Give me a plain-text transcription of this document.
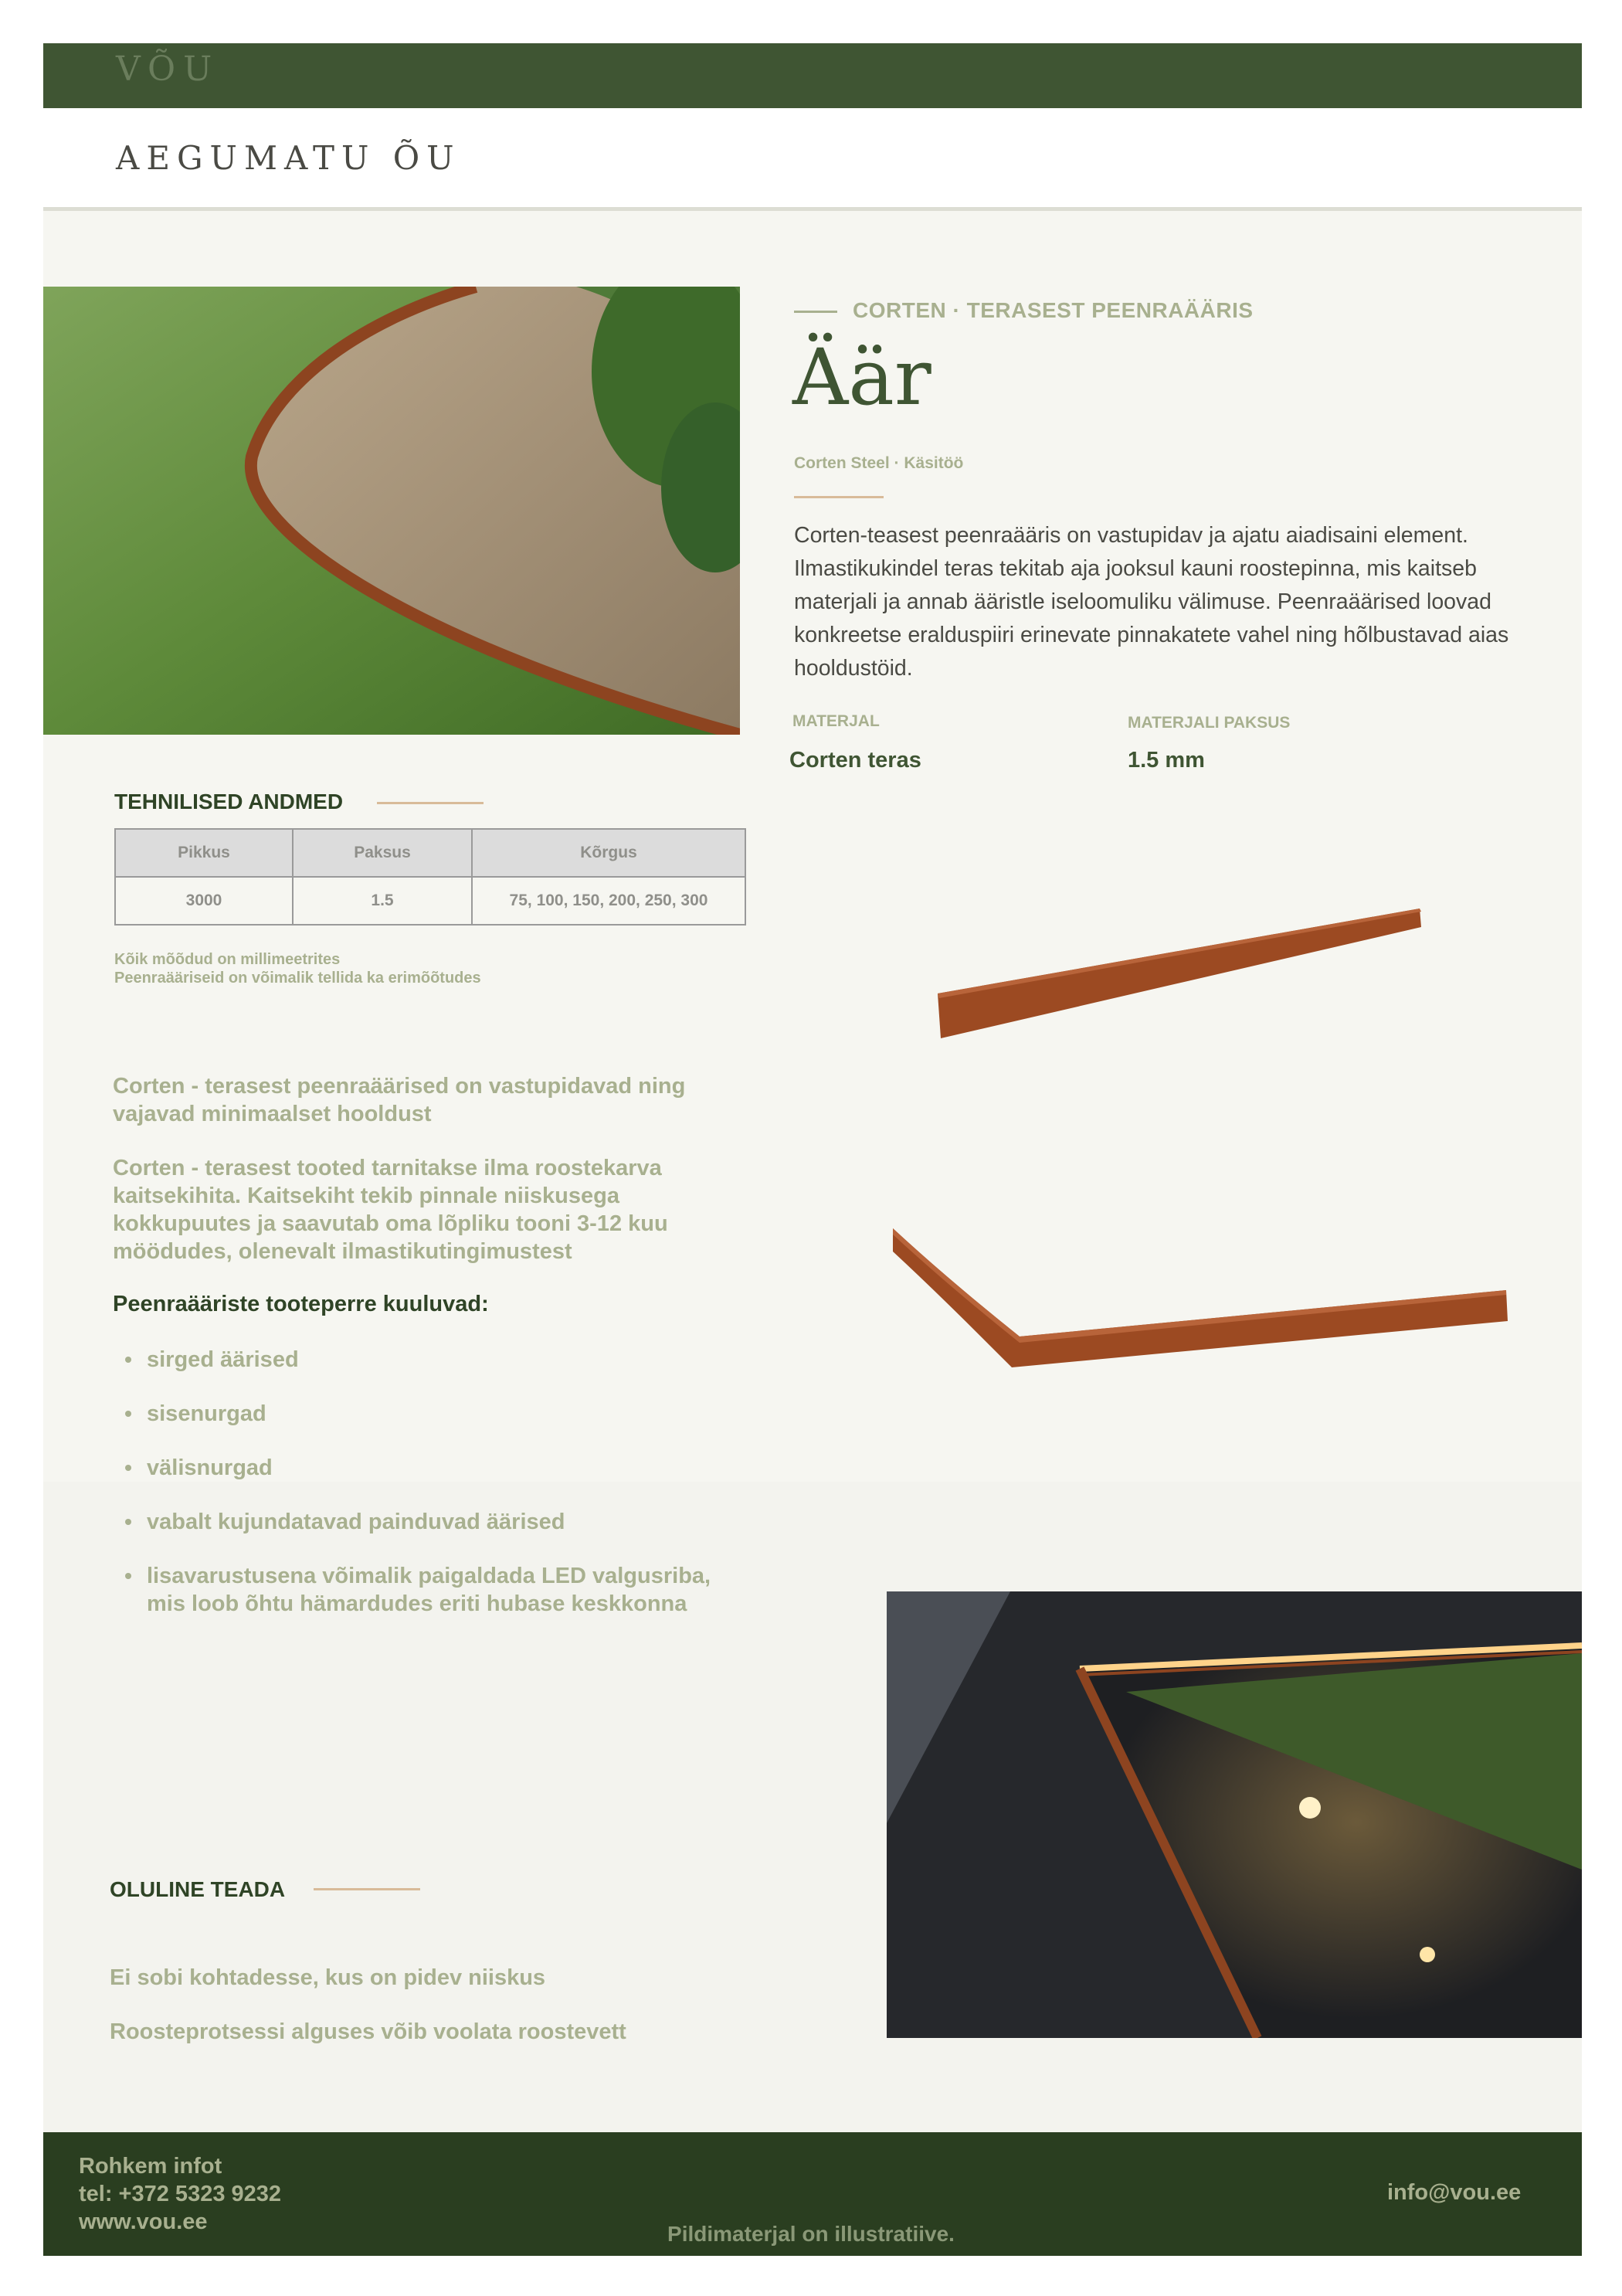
VÕU
AEGUMATU ÕU
CORTEN · TERASEST PEENRAÄÄRIS
Äär
Corten Steel · Käsitöö
Corten-teasest peenraääris on vastupidav ja ajatu aiadisaini element. Ilmastikukindel teras tekitab aja jooksul kauni roostepinna, mis kaitseb materjali ja annab ääristle iseloomuliku välimuse. Peenraäärised loovad konkreetse eralduspiiri erinevate pinnakatete vahel ning hõlbustavad aias hooldustöid.
MATERJAL
Corten teras
MATERJALI PAKSUS
1.5 mm
TEHNILISED ANDMED
Pikkus	Paksus	Kõrgus
3000	1.5	75, 100, 150, 200, 250, 300
Kõik mõõdud on millimeetrites
Peenraääriseid on võimalik tellida ka erimõõtudes
Corten - terasest peenraäärised on vastupidavad ning vajavad minimaalset hooldust
Corten - terasest tooted tarnitakse ilma roostekarva kaitsekihita. Kaitsekiht tekib pinnale niiskusega kokkupuutes ja saavutab oma lõpliku tooni 3-12 kuu möödudes, olenevalt ilmastikutingimustest
Peenraääriste tooteperre kuuluvad:
sirged äärised
sisenurgad
välisnurgad
vabalt kujundatavad painduvad äärised
lisavarustusena võimalik paigaldada LED valgusriba, mis loob õhtu hämardudes eriti hubase keskkonna
OLULINE TEADA
Ei sobi kohtadesse, kus on pidev niiskus
Roosteprotsessi alguses võib voolata roostevett
Rohkem infot
tel: +372 5323 9232
www.vou.ee
info@vou.ee
Pildimaterjal on illustratiive.
